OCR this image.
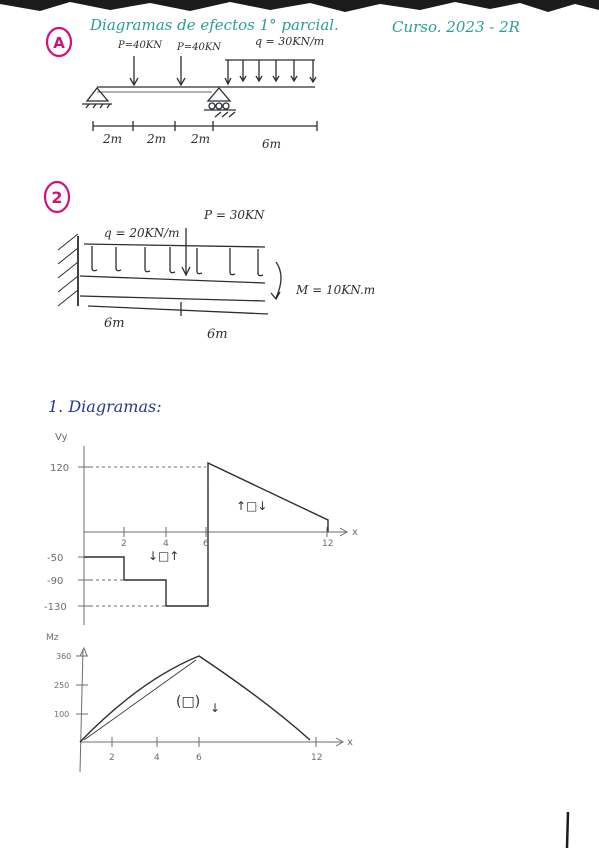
Diagramas de efectos 1° parcial.	Curso. 2023 - 2R
A	P=40KN P=40KN	q = 30KN/m
2m 2m 2m	6m
2
q = 20KN/m
P = 30KN
M = 10KN.m
6m
6m
1. Diagramas:
Vy
x
120
-50
-90
-130
2	4	6	12
↑□↓
↓□↑
Mz
x
360
250
100
2	4	6	12
(□) ↓
